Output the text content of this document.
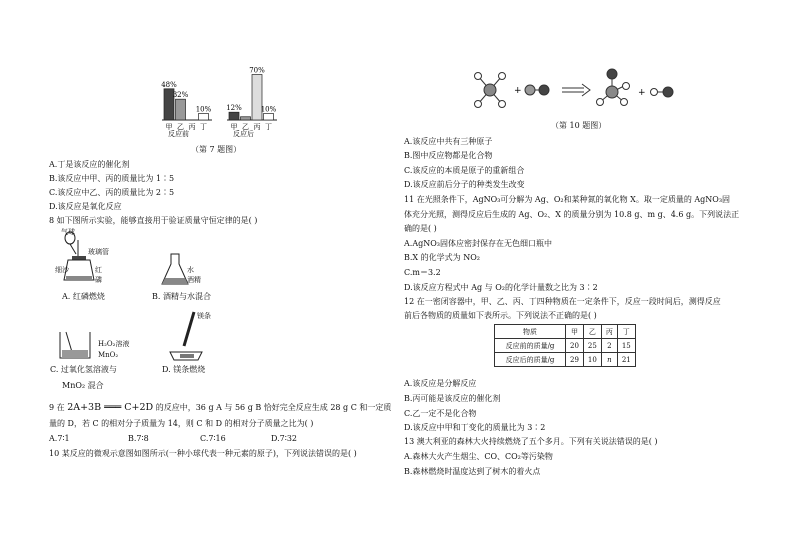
48%
甲
32%
乙 丙
10%
丁
12%
甲 乙
70%
丙
10%
丁
反应前	反应后
（第 7 题图）
A.丁是该反应的催化剂
B.该反应中甲、丙的质量比为 1∶5
C.该反应中乙、丙的质量比为 2∶5
D.该反应是氧化反应
8 如下图所示实验，能够直接用于验证质量守恒定律的是( )
气球
玻璃管
细沙	红
磷
A. 红磷燃烧
水
酒精
B. 酒精与水混合
H₂O₂溶液
MnO₂
C. 过氧化氢溶液与
MnO₂ 混合
镁条
D. 镁条燃烧
9 在 2A+3B ═══ C+2D 的反应中，36 g A 与 56 g B 恰好完全反应生成 28 g C 和一定质
量的 D，若 C 的相对分子质量为 14，则 C 和 D 的相对分子质量之比为( )
A.7∶1	B.7∶8	C.7∶16	D.7∶32
10 某反应的微观示意图如图所示(一种小球代表一种元素的原子)，下列说法错误的是( )
+	+
（第 10 题图）
A.该反应中共有三种原子
B.图中反应物都是化合物
C.该反应的本质是原子的重新组合
D.该反应前后分子的种类发生改变
11 在光照条件下，AgNO₃可分解为 Ag、O₂和某种氮的氧化物 X。取一定质量的 AgNO₃固
体充分光照，测得反应后生成的 Ag、O₂、X 的质量分别为 10.8 g、m g、4.6 g。下列说法正
确的是( )
A.AgNO₃固体应密封保存在无色细口瓶中
B.X 的化学式为 NO₂
C.m＝3.2
D.该反应方程式中 Ag 与 O₂的化学计量数之比为 3∶2
12 在一密闭容器中，甲、乙、丙、丁四种物质在一定条件下，反应一段时间后，测得反应
前后各物质的质量如下表所示。下列说法不正确的是( )
物质	甲	乙	丙	丁
反应前的质量/g	20	25	2	15
反应后的质量/g	29	10	n	21
A.该反应是分解反应
B.丙可能是该反应的催化剂
C.乙一定不是化合物
D.该反应中甲和丁变化的质量比为 3∶2
13 澳大利亚的森林大火持续燃烧了五个多月。下列有关说法错误的是( )
A.森林大火产生烟尘、CO、CO₂等污染物
B.森林燃烧时温度达到了树木的着火点
